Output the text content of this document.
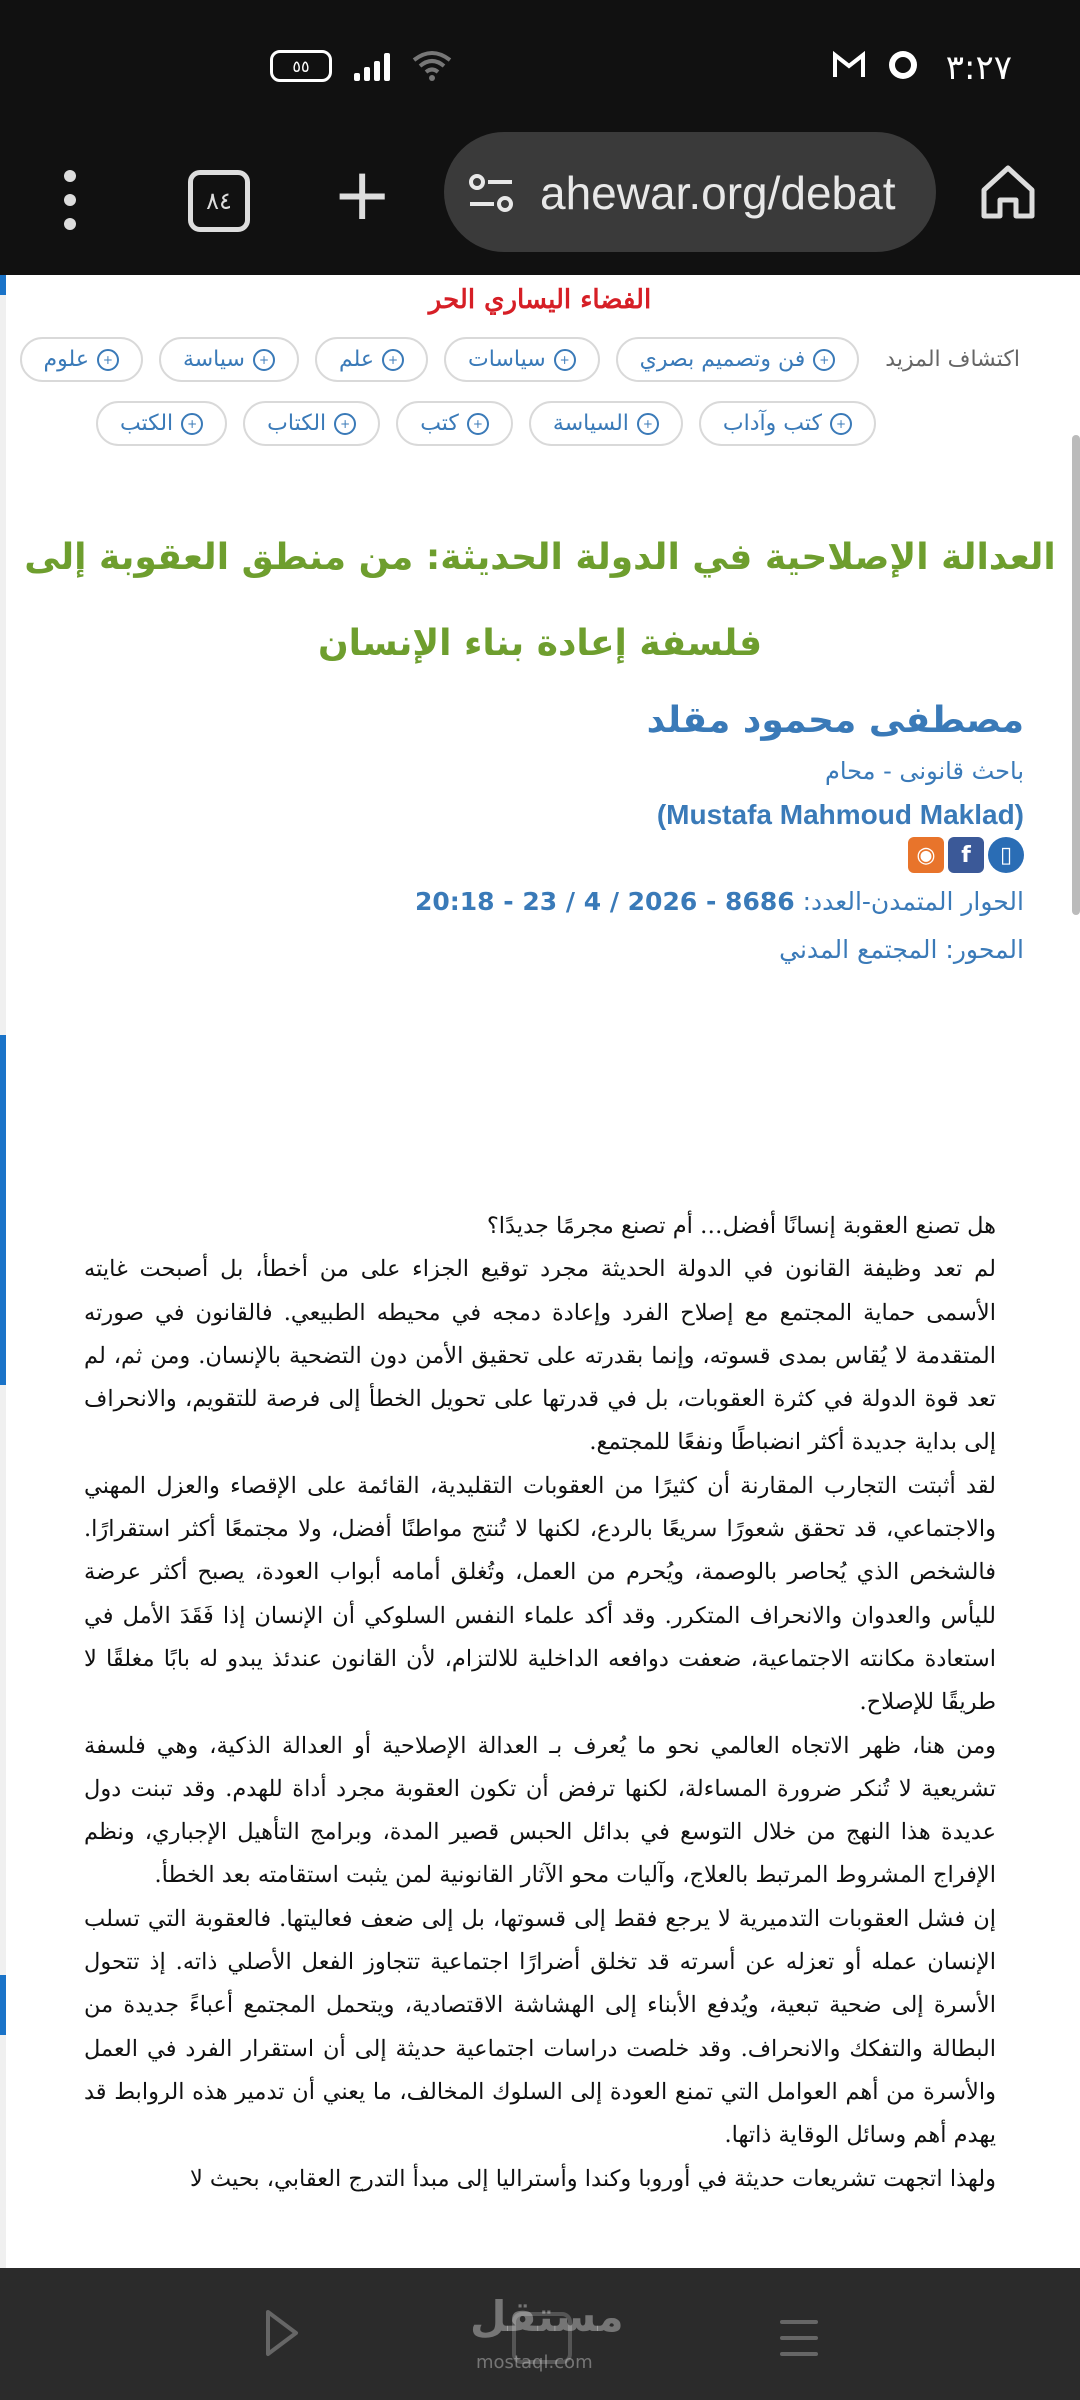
٥٥	٣:٢٧
٨٤ +	ahewar.org/debat
الفضاء اليساري الحر
اكتشاف المزيد
+
فن وتصميم بصري
+
سياسات
+
علم
+
سياسة
+
علوم
+
كتب وآداب
+
السياسة
+
كتب
+
الكتاب
+
الكتب
العدالة الإصلاحية في الدولة الحديثة: من منطق العقوبة إلى فلسفة إعادة بناء الإنسان
مصطفى محمود مقلد
باحث قانونى - محام
(Mustafa Mahmoud Maklad)
◉	f	▯
الحوار المتمدن-العدد: 8686 - 2026 / 4 / 23 - 20:18
المحور: المجتمع المدني

هل تصنع العقوبة إنسانًا أفضل… أم تصنع مجرمًا جديدًا؟

لم تعد وظيفة القانون في الدولة الحديثة مجرد توقيع الجزاء على من أخطأ، بل أصبحت غايته الأسمى حماية المجتمع مع إصلاح الفرد وإعادة دمجه في محيطه الطبيعي. فالقانون في صورته المتقدمة لا يُقاس بمدى قسوته، وإنما بقدرته على تحقيق الأمن دون التضحية بالإنسان. ومن ثم، لم تعد قوة الدولة في كثرة العقوبات، بل في قدرتها على تحويل الخطأ إلى فرصة للتقويم، والانحراف إلى بداية جديدة أكثر انضباطًا ونفعًا للمجتمع.

لقد أثبتت التجارب المقارنة أن كثيرًا من العقوبات التقليدية، القائمة على الإقصاء والعزل المهني والاجتماعي، قد تحقق شعورًا سريعًا بالردع، لكنها لا تُنتج مواطنًا أفضل، ولا مجتمعًا أكثر استقرارًا. فالشخص الذي يُحاصر بالوصمة، ويُحرم من العمل، وتُغلق أمامه أبواب العودة، يصبح أكثر عرضة لليأس والعدوان والانحراف المتكرر. وقد أكد علماء النفس السلوكي أن الإنسان إذا فَقَدَ الأمل في استعادة مكانته الاجتماعية، ضعفت دوافعه الداخلية للالتزام، لأن القانون عندئذ يبدو له بابًا مغلقًا لا طريقًا للإصلاح.

ومن هنا، ظهر الاتجاه العالمي نحو ما يُعرف بـ العدالة الإصلاحية أو العدالة الذكية، وهي فلسفة تشريعية لا تُنكر ضرورة المساءلة، لكنها ترفض أن تكون العقوبة مجرد أداة للهدم. وقد تبنت دول عديدة هذا النهج من خلال التوسع في بدائل الحبس قصير المدة، وبرامج التأهيل الإجباري، ونظم الإفراج المشروط المرتبط بالعلاج، وآليات محو الآثار القانونية لمن يثبت استقامته بعد الخطأ.

إن فشل العقوبات التدميرية لا يرجع فقط إلى قسوتها، بل إلى ضعف فعاليتها. فالعقوبة التي تسلب الإنسان عمله أو تعزله عن أسرته قد تخلق أضرارًا اجتماعية تتجاوز الفعل الأصلي ذاته. إذ تتحول الأسرة إلى ضحية تبعية، ويُدفع الأبناء إلى الهشاشة الاقتصادية، ويتحمل المجتمع أعباءً جديدة من البطالة والتفكك والانحراف. وقد خلصت دراسات اجتماعية حديثة إلى أن استقرار الفرد في العمل والأسرة من أهم العوامل التي تمنع العودة إلى السلوك المخالف، ما يعني أن تدمير هذه الروابط قد يهدم أهم وسائل الوقاية ذاتها.

ولهذا اتجهت تشريعات حديثة في أوروبا وكندا وأستراليا إلى مبدأ التدرج العقابي، بحيث لا

مستقل
mostaql.com
